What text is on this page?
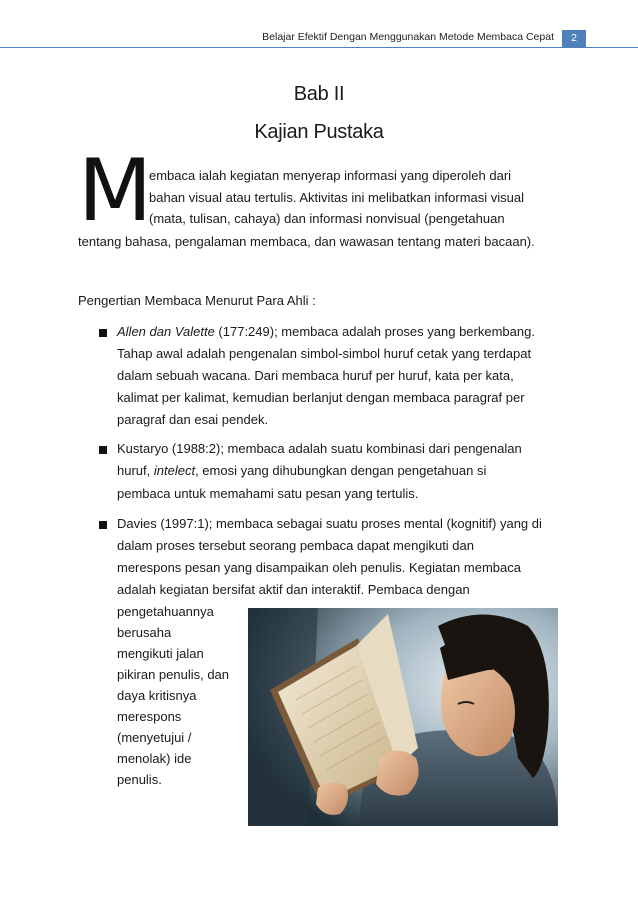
Belajar Efektif Dengan Menggunakan Metode Membaca Cepat	2
Bab II
Kajian Pustaka
M
embaca ialah kegiatan menyerap informasi yang diperoleh dari
bahan visual atau tertulis. Aktivitas ini melibatkan informasi visual
(mata, tulisan, cahaya) dan informasi nonvisual (pengetahuan
tentang bahasa, pengalaman membaca, dan wawasan tentang materi bacaan).
Pengertian Membaca Menurut Para Ahli :
Allen dan Valette (177:249); membaca adalah proses yang berkembang.
Tahap awal adalah pengenalan simbol-simbol huruf cetak yang terdapat
dalam sebuah wacana. Dari membaca huruf per huruf, kata per kata,
kalimat per kalimat, kemudian berlanjut dengan membaca paragraf per
paragraf dan esai pendek.
Kustaryo (1988:2); membaca adalah suatu kombinasi dari pengenalan
huruf, intelect, emosi yang dihubungkan dengan pengetahuan si
pembaca untuk memahami satu pesan yang tertulis.
Davies (1997:1); membaca sebagai suatu proses mental (kognitif) yang di
dalam proses tersebut seorang pembaca dapat mengikuti dan
merespons pesan yang disampaikan oleh penulis. Kegiatan membaca
adalah kegiatan bersifat aktif dan interaktif. Pembaca dengan
pengetahuannya
berusaha
mengikuti jalan
pikiran penulis, dan
daya kritisnya
merespons
(menyetujui /
menolak) ide
penulis.
